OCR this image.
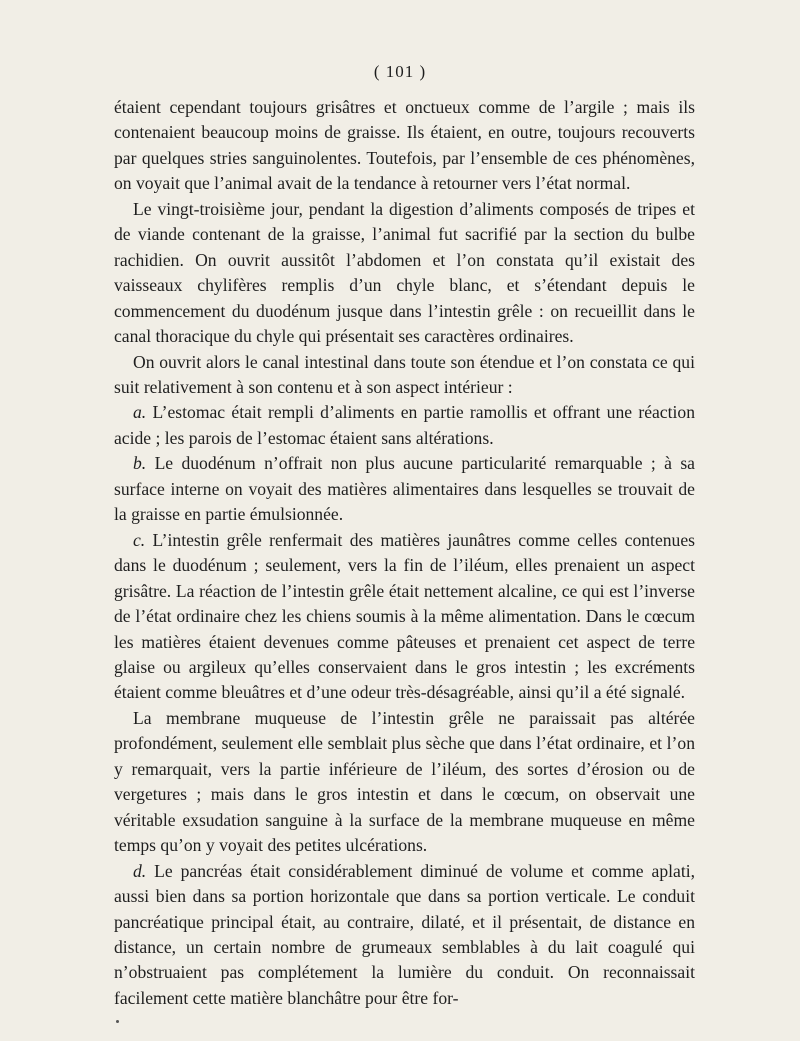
( 101 )

étaient cependant toujours grisâtres et onctueux comme de l’argile ; mais ils contenaient beaucoup moins de graisse. Ils étaient, en outre, toujours recouverts par quelques stries sanguinolentes. Toutefois, par l’ensemble de ces phénomènes, on voyait que l’animal avait de la tendance à retourner vers l’état normal.

Le vingt-troisième jour, pendant la digestion d’aliments composés de tripes et de viande contenant de la graisse, l’animal fut sacrifié par la section du bulbe rachidien. On ouvrit aussitôt l’abdomen et l’on constata qu’il existait des vaisseaux chylifères remplis d’un chyle blanc, et s’étendant depuis le commencement du duodénum jusque dans l’intestin grêle : on recueillit dans le canal thoracique du chyle qui présentait ses caractères ordinaires.

On ouvrit alors le canal intestinal dans toute son étendue et l’on constata ce qui suit relativement à son contenu et à son aspect intérieur :

a. L’estomac était rempli d’aliments en partie ramollis et offrant une réaction acide ; les parois de l’estomac étaient sans altérations.

b. Le duodénum n’offrait non plus aucune particularité remarquable ; à sa surface interne on voyait des matières alimentaires dans lesquelles se trouvait de la graisse en partie émulsionnée.

c. L’intestin grêle renfermait des matières jaunâtres comme celles contenues dans le duodénum ; seulement, vers la fin de l’iléum, elles prenaient un aspect grisâtre. La réaction de l’intestin grêle était nettement alcaline, ce qui est l’inverse de l’état ordinaire chez les chiens soumis à la même alimentation. Dans le cœcum les matières étaient devenues comme pâteuses et prenaient cet aspect de terre glaise ou argileux qu’elles conservaient dans le gros intestin ; les excréments étaient comme bleuâtres et d’une odeur très-désagréable, ainsi qu’il a été signalé.

La membrane muqueuse de l’intestin grêle ne paraissait pas altérée profondément, seulement elle semblait plus sèche que dans l’état ordinaire, et l’on y remarquait, vers la partie inférieure de l’iléum, des sortes d’érosion ou de vergetures ; mais dans le gros intestin et dans le cœcum, on observait une véritable exsudation sanguine à la surface de la membrane muqueuse en même temps qu’on y voyait des petites ulcérations.

d. Le pancréas était considérablement diminué de volume et comme aplati, aussi bien dans sa portion horizontale que dans sa portion verticale. Le conduit pancréatique principal était, au contraire, dilaté, et il présentait, de distance en distance, un certain nombre de grumeaux semblables à du lait coagulé qui n’obstruaient pas complétement la lumière du conduit. On reconnaissait facilement cette matière blanchâtre pour être for-
